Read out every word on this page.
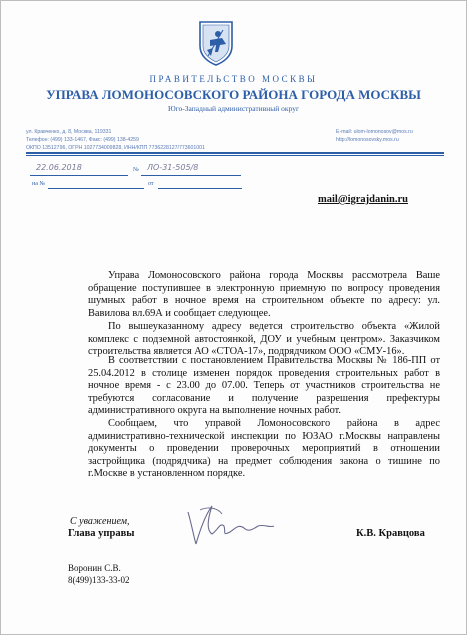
ПРАВИТЕЛЬСТВО МОСКВЫ
УПРАВА ЛОМОНОСОВСКОГО РАЙОНА ГОРОДА МОСКВЫ
Юго-Западный административный округ
ул. Кравченко, д. 8, Москва, 119331
Телефон: (499) 133-1467, Факс: (499) 138-4259
ОКПО 13512796, ОГРН 1027734009828, ИНН/КПП 7736228127/773601001
E-mail: ulom-lomonosov@mos.ru
http://lomonosovsky.mos.ru
22.06.2018	№ ЛО-31-505/8
на №	от
mail@igrajdanin.ru
Управа Ломоносовского района города Москвы рассмотрела Ваше обращение поступившее в электронную приемную по вопросу проведения шумных работ в ночное время на строительном объекте по адресу: ул. Вавилова вл.69А и сообщает следующее.
По вышеуказанному адресу ведется строительство объекта «Жилой комплекс с подземной автостоянкой, ДОУ и учебным центром». Заказчиком строительства является АО «СТОА-17», подрядчиком ООО «СМУ-16».
В соответствии с постановлением Правительства Москвы № 186-ПП от 25.04.2012 в столице изменен порядок проведения строительных работ в ночное время - с 23.00 до 07.00. Теперь от участников строительства не требуются согласование и получение разрешения префектуры административного округа на выполнение ночных работ.
Сообщаем, что управой Ломоносовского района в адрес административно-технической инспекции по ЮЗАО г.Москвы направлены документы о проведении проверочных мероприятий в отношении застройщика (подрядчика) на предмет соблюдения закона о тишине по г.Москве в установленном порядке.
С уважением,
Глава управы	К.В. Кравцова
Воронин С.В.
8(499)133-33-02
